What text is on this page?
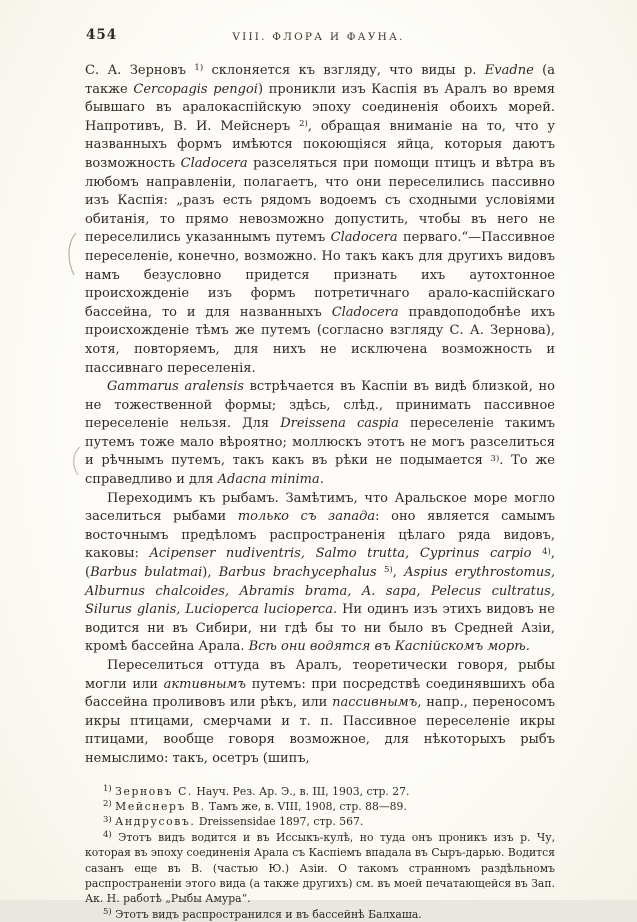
454	VIII. ФЛОРА И ФАУНА.

С. А. Зерновъ $^{1)}$ склоняется къ взгляду, что виды р. Evadne (а также Cercopagis pengoi) проникли изъ Каспія въ Аралъ во время бывшаго въ аралокаспійскую эпоху соединенія обоихъ морей. Напротивъ, В. И. Мейснеръ $^{2)}$, обращая вниманіе на то, что у названныхъ формъ имѣются покоющіяся яйца, которыя даютъ возможность Cladocera разселяться при помощи птицъ и вѣтра въ любомъ направленіи, полагаетъ, что они переселились пассивно изъ Каспія: „разъ есть рядомъ водоемъ съ сходными условіями обитанія, то прямо невозможно допустить, чтобы въ него не переселились указаннымъ путемъ Cladocera перваго.“—Пассивное переселеніе, конечно, возможно. Но такъ какъ для другихъ видовъ намъ безусловно придется признать ихъ аутохтонное происхожденіе изъ формъ потретичнаго арало-каспійскаго бассейна, то и для названныхъ Cladocera правдоподобнѣе ихъ происхожденіе тѣмъ же путемъ (согласно взгляду С. А. Зернова), хотя, повторяемъ, для нихъ не исключена возможность и пассивнаго переселенія.

Gammarus aralensis встрѣчается въ Каспіи въ видѣ близкой, но не тожественной формы; здѣсь, слѣд., принимать пассивное переселеніе нельзя. Для Dreissena caspia переселеніе такимъ путемъ тоже мало вѣроятно; моллюскъ этотъ не могъ разселиться и рѣчнымъ путемъ, такъ какъ въ рѣки не подымается $^{3)}$. То же справедливо и для Adacna minima.

Переходимъ къ рыбамъ. Замѣтимъ, что Аральское море могло заселиться рыбами только съ запада: оно является самымъ восточнымъ предѣломъ распространенія цѣлаго ряда видовъ, каковы: Acipenser nudiventris, Salmo trutta, Cyprinus carpio $^{4)}$, (Barbus bulatmai), Barbus brachycephalus $^{5)}$, Aspius erythrostomus, Alburnus chalcoides, Abramis brama, A. sapa, Pelecus cultratus, Silurus glanis, Lucioperca lucioperca. Ни одинъ изъ этихъ видовъ не водится ни въ Сибири, ни гдѣ бы то ни было въ Средней Азіи, кромѣ бассейна Арала. Всѣ они водятся въ Каспійскомъ морѣ.

Переселиться оттуда въ Аралъ, теоретически говоря, рыбы могли или активнымъ путемъ: при посредствѣ соединявшихъ оба бассейна проливовъ или рѣкъ, или пассивнымъ, напр., переносомъ икры птицами, смерчами и т. п. Пассивное переселеніе икры птицами, вообще говоря возможное, для нѣкоторыхъ рыбъ немыслимо: такъ, осетръ (шипъ,

$^{1)}$ Зерновъ С. Науч. Рез. Ар. Э., в. III, 1903, стр. 27.

$^{2)}$ Мейснеръ В. Тамъ же, в. VIII, 1908, стр. 88—89.

$^{3)}$ Андрусовъ. Dreissensidae 1897, стр. 567.

$^{4)}$ Этотъ видъ водится и въ Иссыкъ-кулѣ, но туда онъ проникъ изъ р. Чу, которая въ эпоху соединенія Арала съ Каспіемъ впадала въ Сыръ-дарью. Водится сазанъ еще въ В. (частью Ю.) Азіи. О такомъ странномъ раздѣльномъ распространеніи этого вида (а также другихъ) см. въ моей печатающейся въ Зап. Ак. Н. работѣ „Рыбы Амура“.

$^{5)}$ Этотъ видъ распространился и въ бассейнѣ Балхаша.
